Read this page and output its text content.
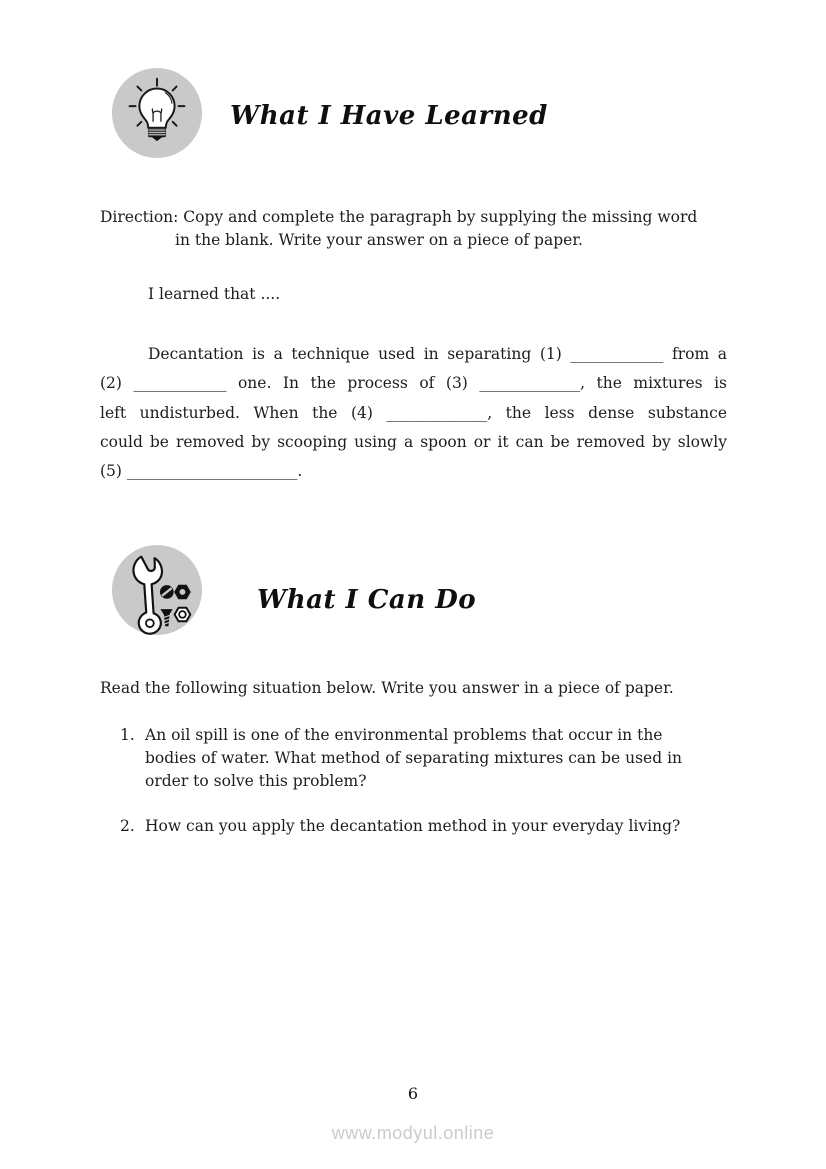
What I Have Learned
Direction: Copy and complete the paragraph by supplying the missing word
in the blank. Write your answer on a piece of paper.
I learned that ....
Decantation is a technique used in separating (1) ____________ from a
(2) ____________ one. In the process of (3) _____________, the mixtures is
left undisturbed. When the (4) _____________, the less dense substance
could be removed by scooping using a spoon or it can be removed by slowly
(5) ______________________.
What I Can Do
Read the following situation below. Write you answer in a piece of paper.
1. An oil spill is one of the environmental problems that occur in the
bodies of water. What method of separating mixtures can be used in
order to solve this problem?
2. How can you apply the decantation method in your everyday living?
6
www.modyul.online
